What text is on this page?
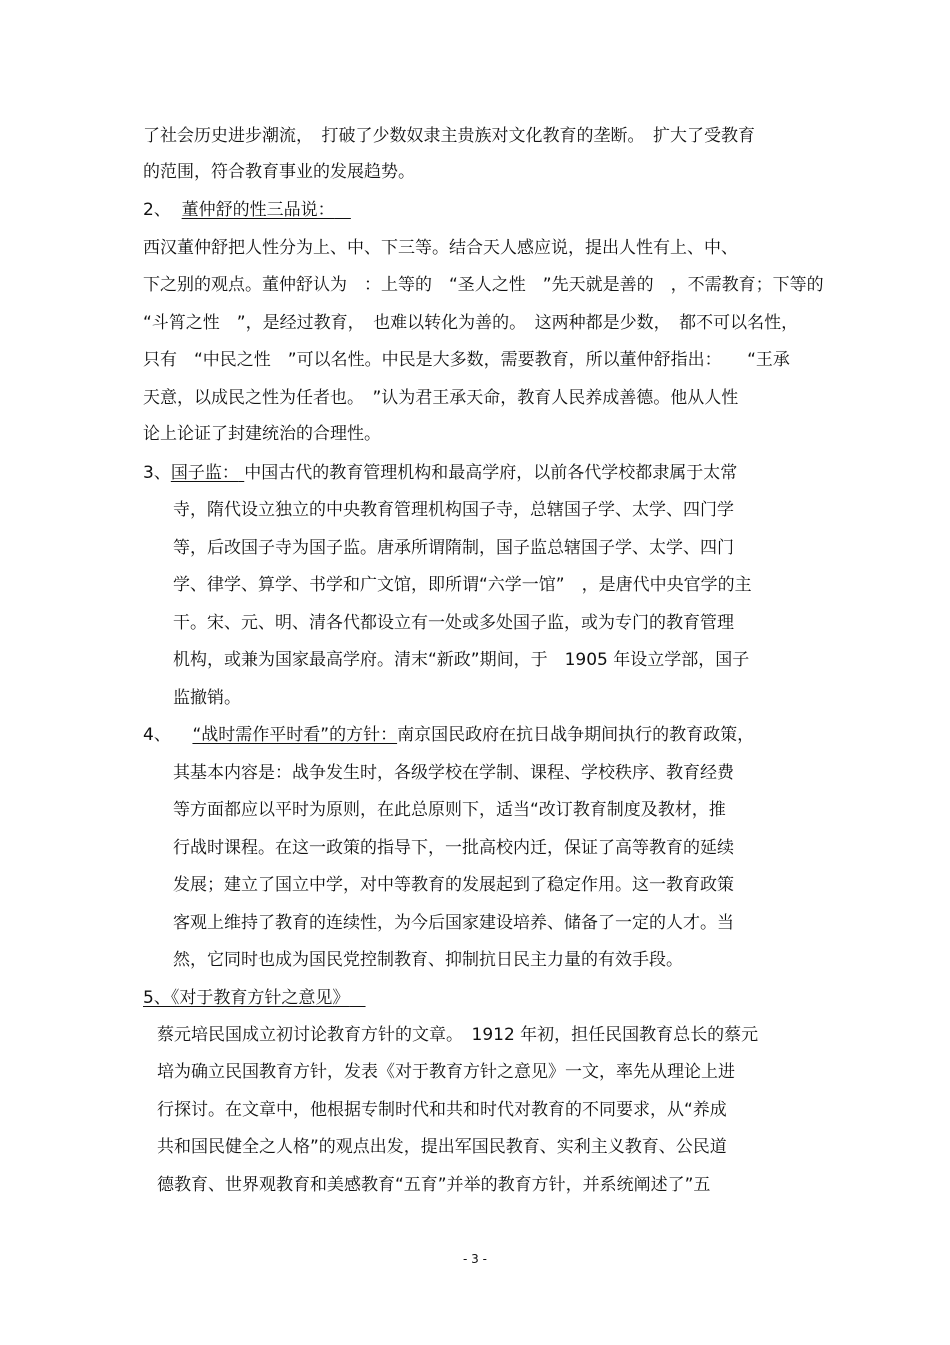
了社会历史进步潮流，　打破了少数奴隶主贵族对文化教育的垄断。　扩大了受教育
的范围，符合教育事业的发展趋势。
2、 董仲舒的性三品说：
西汉董仲舒把人性分为上、中、下三等。结合天人感应说，提出人性有上、中、
下之别的观点。董仲舒认为　：上等的　“圣人之性　”先天就是善的　，不需教育；下等的
“斗筲之性　”，是经过教育，　也难以转化为善的。　这两种都是少数，　都不可以名性，
只有　“中民之性　”可以名性。中民是大多数，需要教育，所以董仲舒指出：　　“王承
天意，以成民之性为任者也。　”认为君王承天命，教育人民养成善德。他从人性
论上论证了封建统治的合理性。
3、国子监： 中国古代的教育管理机构和最高学府，以前各代学校都隶属于太常
寺，隋代设立独立的中央教育管理机构国子寺，总辖国子学、太学、四门学
等，后改国子寺为国子监。唐承所谓隋制，国子监总辖国子学、太学、四门
学、律学、算学、书学和广文馆，即所谓“六学一馆”　，是唐代中央官学的主
干。宋、元、明、清各代都设立有一处或多处国子监，或为专门的教育管理
机构，或兼为国家最高学府。清末“新政”期间，于　1905 年设立学部，国子
监撤销。
4、 “战时需作平时看”的方针：南京国民政府在抗日战争期间执行的教育政策，
其基本内容是：战争发生时，各级学校在学制、课程、学校秩序、教育经费
等方面都应以平时为原则，在此总原则下，适当“改订教育制度及教材，推
行战时课程。在这一政策的指导下，一批高校内迁，保证了高等教育的延续
发展；建立了国立中学，对中等教育的发展起到了稳定作用。这一教育政策
客观上维持了教育的连续性，为今后国家建设培养、储备了一定的人才。当
然，它同时也成为国民党控制教育、抑制抗日民主力量的有效手段。
5、《对于教育方针之意见》
蔡元培民国成立初讨论教育方针的文章。　1912 年初，担任民国教育总长的蔡元
培为确立民国教育方针，发表《对于教育方针之意见》一文，率先从理论上进
行探讨。在文章中，他根据专制时代和共和时代对教育的不同要求，从“养成
共和国民健全之人格”的观点出发，提出军国民教育、实利主义教育、公民道
德教育、世界观教育和美感教育“五育”并举的教育方针，并系统阐述了”五
- 3 -
